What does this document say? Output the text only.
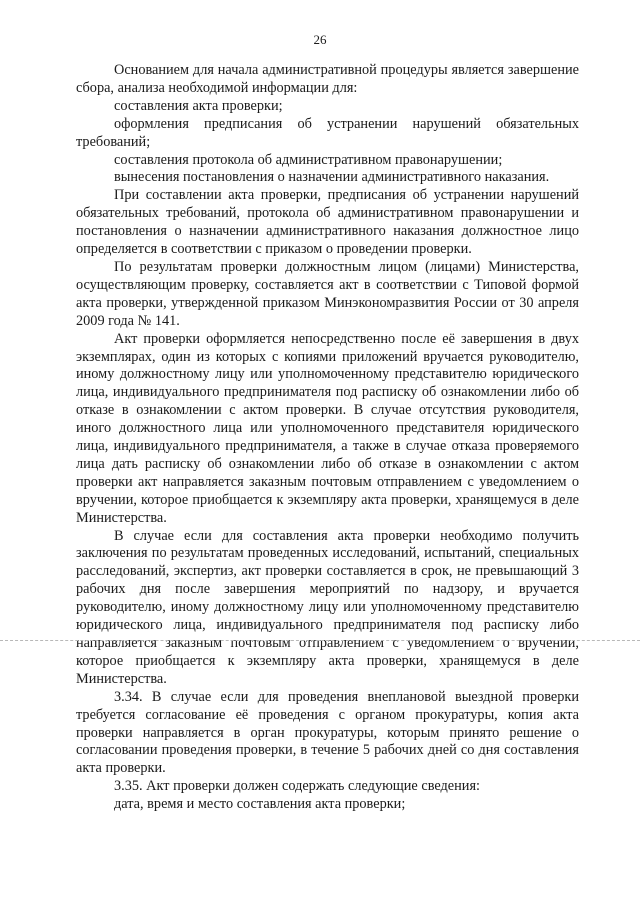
26

Основанием для начала административной процедуры является завершение сбора, анализа необходимой информации для:

составления акта проверки;

оформления предписания об устранении нарушений обязательных требований;

составления протокола об административном правонарушении;

вынесения постановления о назначении административного наказания.

При составлении акта проверки, предписания об устранении нарушений обязательных требований, протокола об административном правонарушении и постановления о назначении административного наказания должностное лицо определяется в соответствии с приказом о проведении проверки.

По результатам проверки должностным лицом (лицами) Министерства, осуществляющим проверку, составляется акт в соответствии с Типовой формой акта проверки, утвержденной приказом Минэкономразвития России от 30 апреля 2009 года № 141.

Акт проверки оформляется непосредственно после её завершения в двух экземплярах, один из которых с копиями приложений вручается руководителю, иному должностному лицу или уполномоченному представителю юридического лица, индивидуального предпринимателя под расписку об ознакомлении либо об отказе в ознакомлении с актом проверки. В случае отсутствия руководителя, иного должностного лица или уполномоченного представителя юридического лица, индивидуального предпринимателя, а также в случае отказа проверяемого лица дать расписку об ознакомлении либо об отказе в ознакомлении с актом проверки акт направляется заказным почтовым отправлением с уведомлением о вручении, которое приобщается к экземпляру акта проверки, хранящемуся в деле Министерства.

В случае если для составления акта проверки необходимо получить заключения по результатам проведенных исследований, испытаний, специальных расследований, экспертиз, акт проверки составляется в срок, не превышающий 3 рабочих дня после завершения мероприятий по надзору, и вручается руководителю, иному должностному лицу или уполномоченному представителю юридического лица, индивидуального предпринимателя под расписку либо направляется заказным почтовым отправлением с уведомлением о вручении, которое приобщается к экземпляру акта проверки, хранящемуся в деле Министерства.

3.34. В случае если для проведения внеплановой выездной проверки требуется согласование её проведения с органом прокуратуры, копия акта проверки направляется в орган прокуратуры, которым принято решение о согласовании проведения проверки, в течение 5 рабочих дней со дня составления акта проверки.

3.35. Акт проверки должен содержать следующие сведения:

дата, время и место составления акта проверки;
